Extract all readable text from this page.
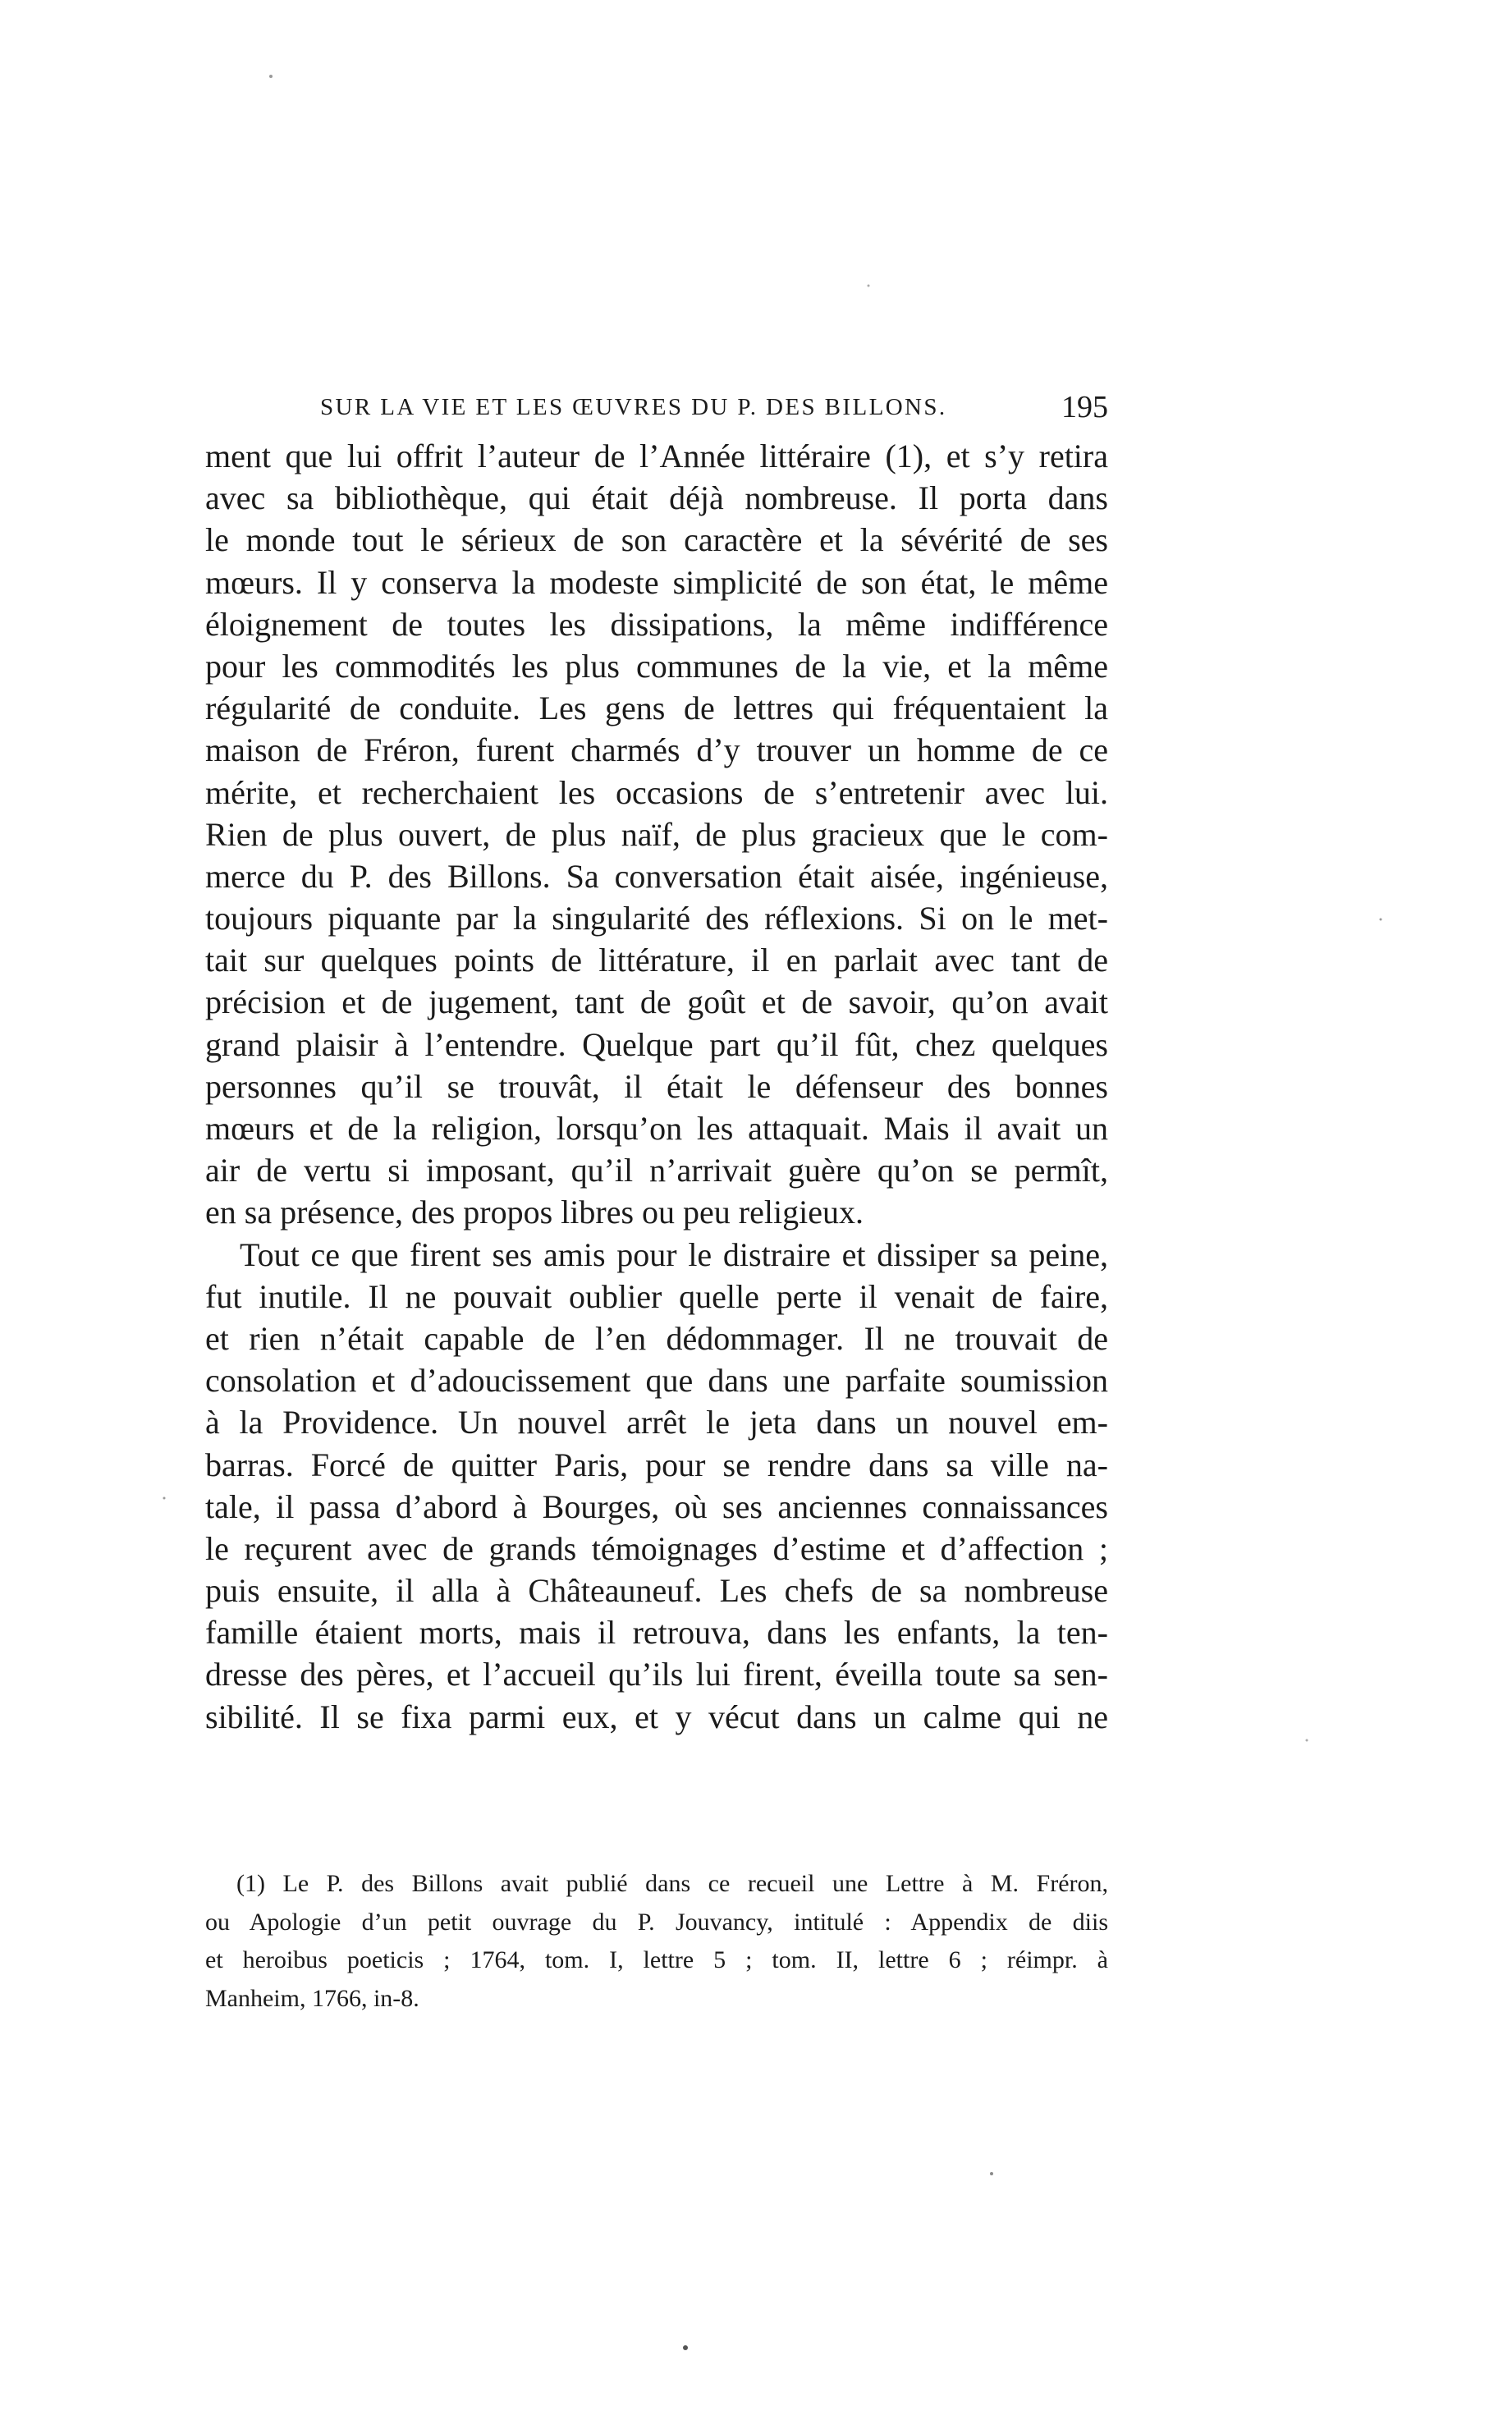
SUR LA VIE ET LES ŒUVRES DU P. DES BILLONS.	195
ment que lui offrit l’auteur de l’Année littéraire (1), et s’y retira
avec sa bibliothèque, qui était déjà nombreuse. Il porta dans
le monde tout le sérieux de son caractère et la sévérité de ses
mœurs. Il y conserva la modeste simplicité de son état, le même
éloignement de toutes les dissipations, la même indifférence
pour les commodités les plus communes de la vie, et la même
régularité de conduite. Les gens de lettres qui fréquentaient la
maison de Fréron, furent charmés d’y trouver un homme de ce
mérite, et recherchaient les occasions de s’entretenir avec lui.
Rien de plus ouvert, de plus naïf, de plus gracieux que le com-
merce du P. des Billons. Sa conversation était aisée, ingénieuse,
toujours piquante par la singularité des réflexions. Si on le met-
tait sur quelques points de littérature, il en parlait avec tant de
précision et de jugement, tant de goût et de savoir, qu’on avait
grand plaisir à l’entendre. Quelque part qu’il fût, chez quelques
personnes qu’il se trouvât, il était le défenseur des bonnes
mœurs et de la religion, lorsqu’on les attaquait. Mais il avait un
air de vertu si imposant, qu’il n’arrivait guère qu’on se permît,
en sa présence, des propos libres ou peu religieux.
Tout ce que firent ses amis pour le distraire et dissiper sa peine,
fut inutile. Il ne pouvait oublier quelle perte il venait de faire,
et rien n’était capable de l’en dédommager. Il ne trouvait de
consolation et d’adoucissement que dans une parfaite soumission
à la Providence. Un nouvel arrêt le jeta dans un nouvel em-
barras. Forcé de quitter Paris, pour se rendre dans sa ville na-
tale, il passa d’abord à Bourges, où ses anciennes connaissances
le reçurent avec de grands témoignages d’estime et d’affection ;
puis ensuite, il alla à Châteauneuf. Les chefs de sa nombreuse
famille étaient morts, mais il retrouva, dans les enfants, la ten-
dresse des pères, et l’accueil qu’ils lui firent, éveilla toute sa sen-
sibilité. Il se fixa parmi eux, et y vécut dans un calme qui ne
(1) Le P. des Billons avait publié dans ce recueil une Lettre à M. Fréron,
ou Apologie d’un petit ouvrage du P. Jouvancy, intitulé : Appendix de diis
et heroibus poeticis ; 1764, tom. I, lettre 5 ; tom. II, lettre 6 ; réimpr. à
Manheim, 1766, in-8.
